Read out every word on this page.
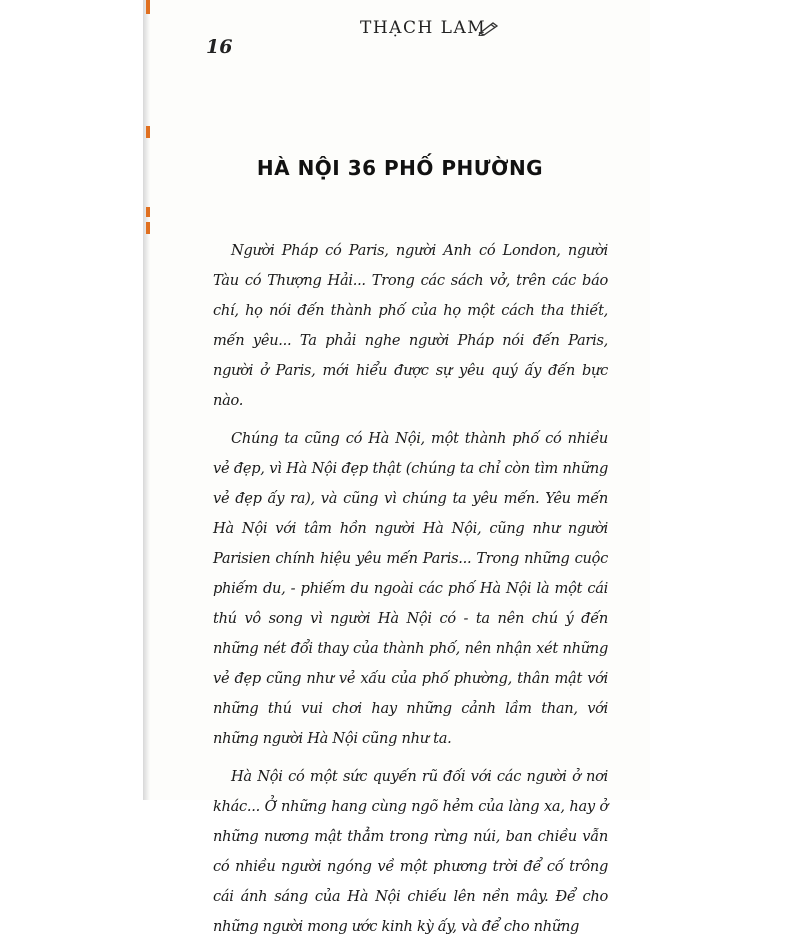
THẠCH LAM
16
HÀ NỘI 36 PHỐ PHƯỜNG

Người Pháp có Paris, người Anh có London, người Tàu có Thượng Hải... Trong các sách vở, trên các báo chí, họ nói đến thành phố của họ một cách tha thiết, mến yêu... Ta phải nghe người Pháp nói đến Paris, người ở Paris, mới hiểu được sự yêu quý ấy đến bực nào.

Chúng ta cũng có Hà Nội, một thành phố có nhiều vẻ đẹp, vì Hà Nội đẹp thật (chúng ta chỉ còn tìm những vẻ đẹp ấy ra), và cũng vì chúng ta yêu mến. Yêu mến Hà Nội với tâm hồn người Hà Nội, cũng như người Parisien chính hiệu yêu mến Paris... Trong những cuộc phiếm du, - phiếm du ngoài các phố Hà Nội là một cái thú vô song vì người Hà Nội có - ta nên chú ý đến những nét đổi thay của thành phố, nên nhận xét những vẻ đẹp cũng như vẻ xấu của phố phường, thân mật với những thú vui chơi hay những cảnh lầm than, với những người Hà Nội cũng như ta.

Hà Nội có một sức quyến rũ đối với các người ở nơi khác... Ở những hang cùng ngõ hẻm của làng xa, hay ở những nương mật thẳm trong rừng núi, ban chiều vẫn có nhiều người ngóng về một phương trời để cố trông cái ánh sáng của Hà Nội chiếu lên nền mây. Để cho những người mong ước kinh kỳ ấy, và để cho những
